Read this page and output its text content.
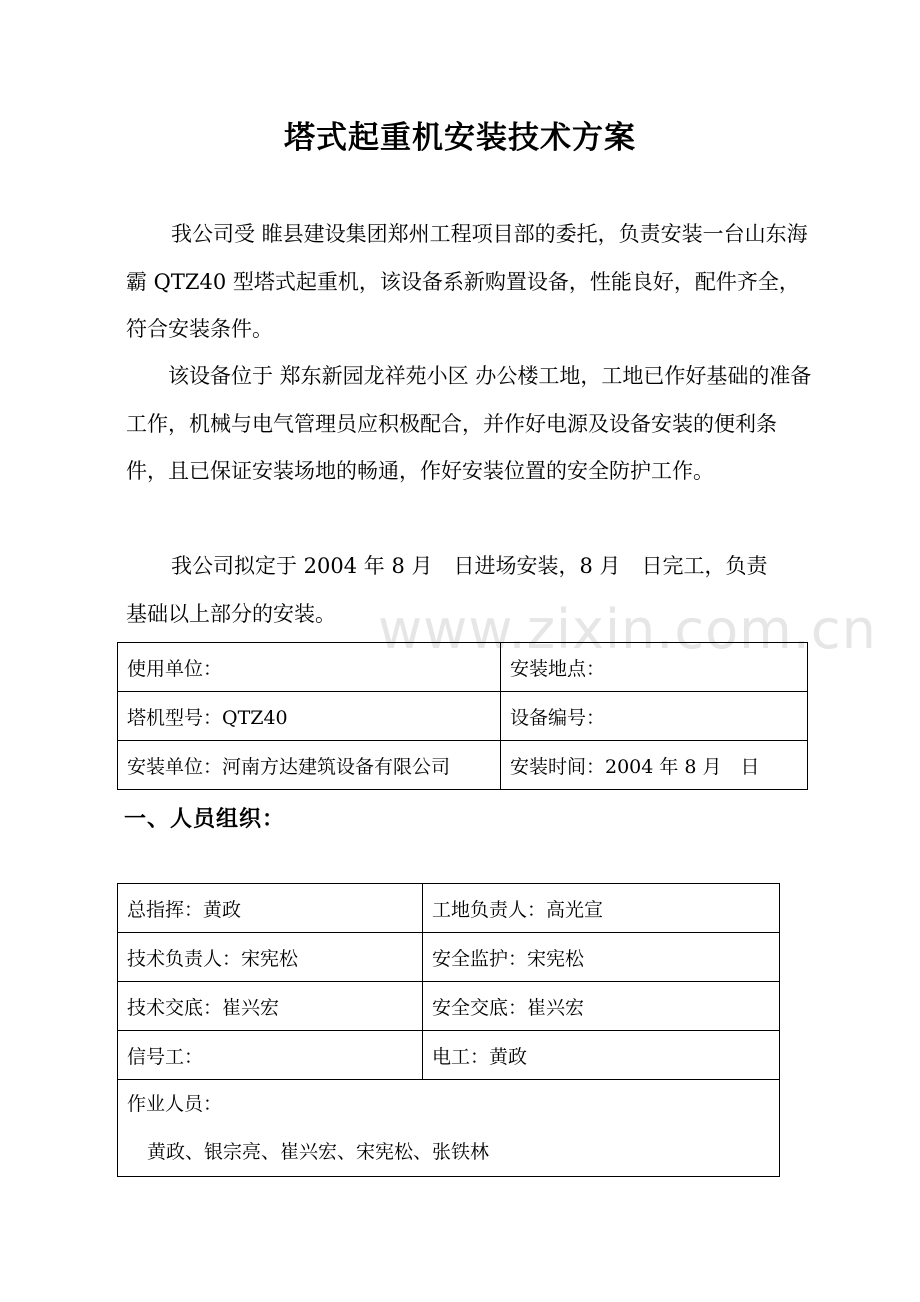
www.zixin.com.cn
塔式起重机安装技术方案

我公司受 睢县建设集团郑州工程项目部的委托，负责安装一台山东海霸 QTZ40 型塔式起重机，该设备系新购置设备，性能良好，配件齐全，符合安装条件。

该设备位于 郑东新园龙祥苑小区 办公楼工地，工地已作好基础的准备工作，机械与电气管理员应积极配合，并作好电源及设备安装的便利条件，且已保证安装场地的畅通，作好安装位置的安全防护工作。

我公司拟定于 2004 年 8 月　日进场安装，8 月　日完工，负责基础以上部分的安装。

使用单位：	安装地点：
塔机型号：QTZ40	设备编号：
安装单位：河南方达建筑设备有限公司	安装时间：2004 年 8 月　日
一、人员组织：
总指挥：黄政	工地负责人：高光宣
技术负责人：宋宪松	安全监护：宋宪松
技术交底：崔兴宏	安全交底：崔兴宏
信号工：	电工：黄政
作业人员：
黄政、银宗亮、崔兴宏、宋宪松、张铁林	
